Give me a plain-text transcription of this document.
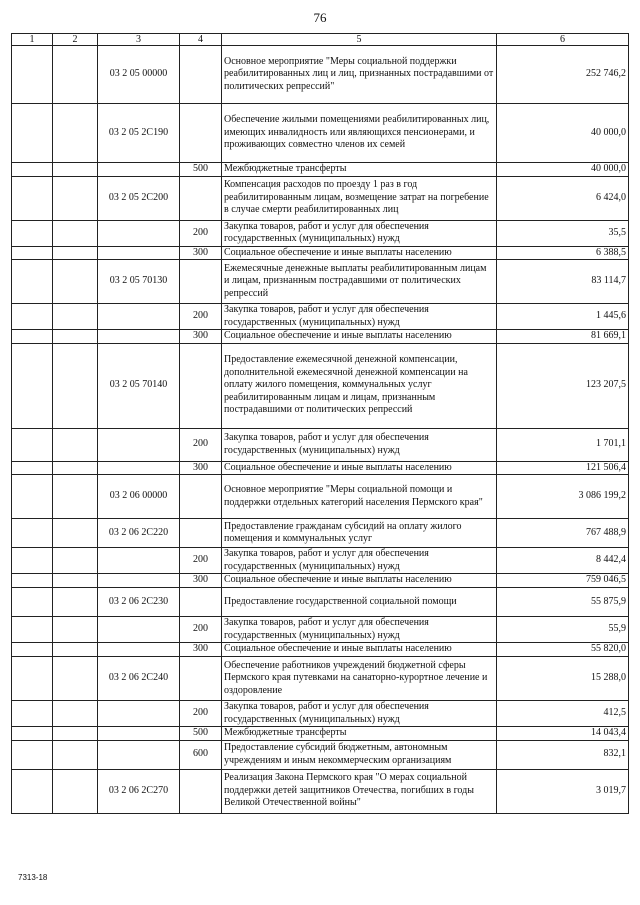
76
1	2	3	4	5	6
		03 2 05 00000		Основное мероприятие "Меры социальной поддержки реабилитированных лиц и лиц, признанных пострадавшими от политических репрессий"	252 746,2
		03 2 05 2С190		Обеспечение жилыми помещениями реабилитированных лиц, имеющих инвалидность или являющихся пенсионерами, и проживающих совместно членов их семей	40 000,0
			500	Межбюджетные трансферты	40 000,0
		03 2 05 2С200		Компенсация расходов по проезду 1 раз в год реабилитированным лицам, возмещение затрат на погребение в случае смерти реабилитированных лиц	6 424,0
			200	Закупка товаров, работ и услуг для обеспечения государственных (муниципальных) нужд	35,5
			300	Социальное обеспечение и иные выплаты населению	6 388,5
		03 2 05 70130		Ежемесячные денежные выплаты реабилитированным лицам и лицам, признанным пострадавшими от политических репрессий	83 114,7
			200	Закупка товаров, работ и услуг для обеспечения государственных (муниципальных) нужд	1 445,6
			300	Социальное обеспечение и иные выплаты населению	81 669,1
		03 2 05 70140		Предоставление ежемесячной денежной компенсации, дополнительной ежемесячной денежной компенсации на оплату жилого помещения, коммунальных услуг реабилитированным лицам и лицам, признанным пострадавшими от политических репрессий	123 207,5
			200	Закупка товаров, работ и услуг для обеспечения государственных (муниципальных) нужд	1 701,1
			300	Социальное обеспечение и иные выплаты населению	121 506,4
		03 2 06 00000		Основное мероприятие "Меры социальной помощи и поддержки отдельных категорий населения Пермского края"	3 086 199,2
		03 2 06 2С220		Предоставление гражданам субсидий на оплату жилого помещения и коммунальных услуг	767 488,9
			200	Закупка товаров, работ и услуг для обеспечения государственных (муниципальных) нужд	8 442,4
			300	Социальное обеспечение и иные выплаты населению	759 046,5
		03 2 06 2С230		Предоставление государственной социальной помощи	55 875,9
			200	Закупка товаров, работ и услуг для обеспечения государственных (муниципальных) нужд	55,9
			300	Социальное обеспечение и иные выплаты населению	55 820,0
		03 2 06 2С240		Обеспечение работников учреждений бюджетной сферы Пермского края путевками на санаторно-курортное лечение и оздоровление	15 288,0
			200	Закупка товаров, работ и услуг для обеспечения государственных (муниципальных) нужд	412,5
			500	Межбюджетные трансферты	14 043,4
			600	Предоставление субсидий бюджетным, автономным учреждениям и иным некоммерческим организациям	832,1
		03 2 06 2С270		Реализация Закона Пермского края "О мерах социальной поддержки детей защитников Отечества, погибших в годы Великой Отечественной войны"	3 019,7
7313-18
